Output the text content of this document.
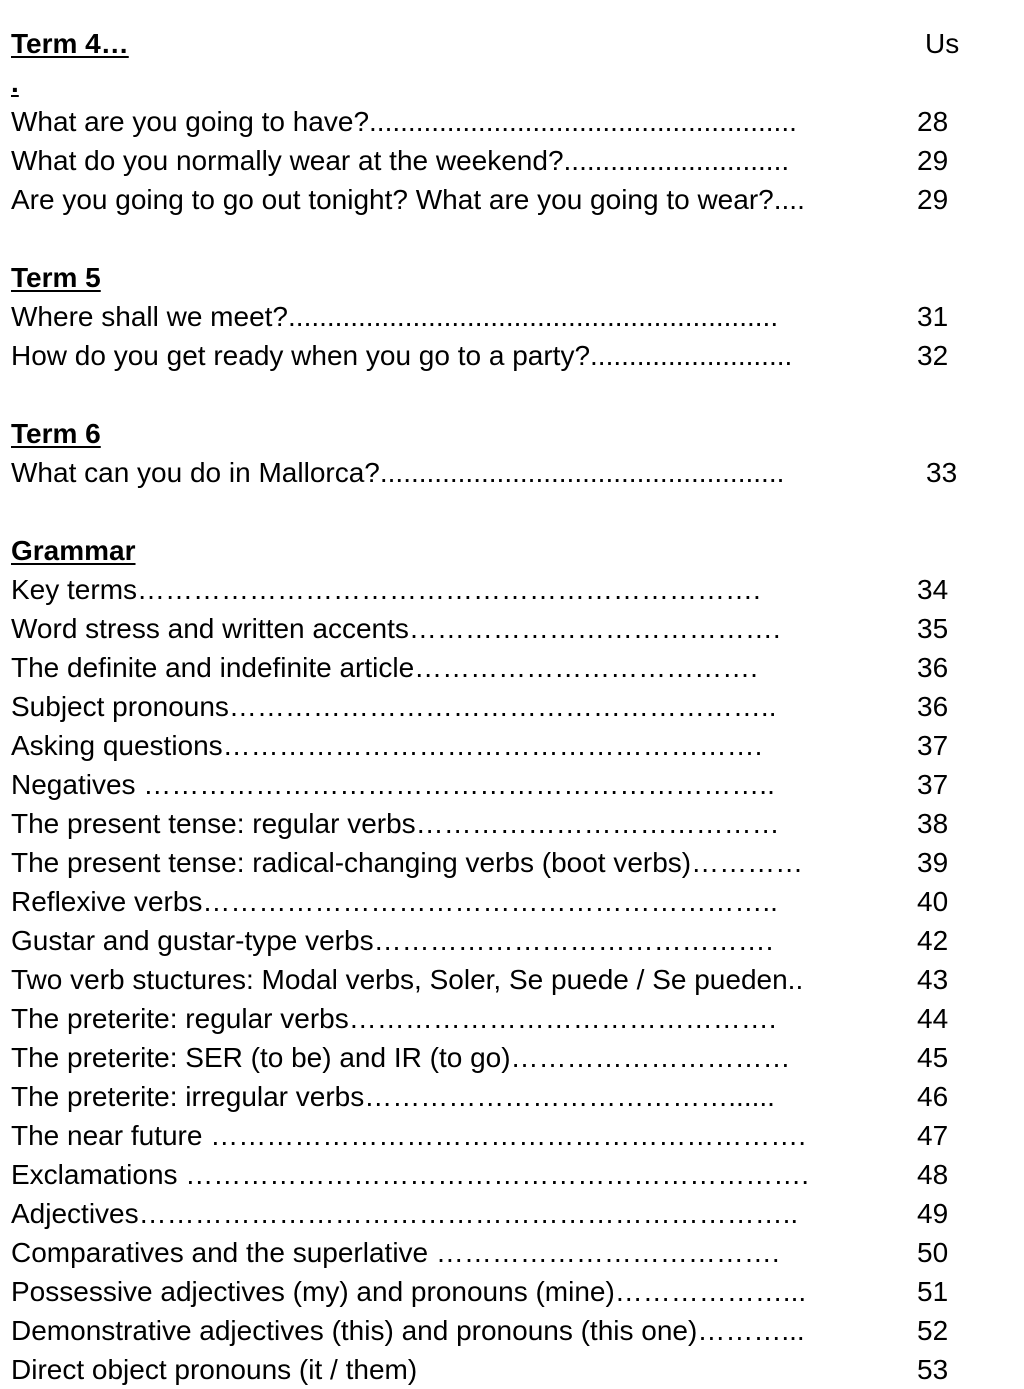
Term 4…	Us
.
What are you going to have?.......................................................	28
What do you normally wear at the weekend?.............................	29
Are you going to go out tonight? What are you going to wear?....	29
Term 5
Where shall we meet?...............................................................	31
How do you get ready when you go to a party?..........................	32
Term 6
What can you do in Mallorca?....................................................	33
Grammar
Key terms………………………………………………………….	34
Word stress and written accents………………………………….	35
The definite and indefinite article……………………………….	36
Subject pronouns…………………………………………………..	36
Asking questions………………………………………………….	37
Negatives …………………………………………………………..	37
The present tense: regular verbs…………………………………	38
The present tense: radical-changing verbs (boot verbs)…………	39
Reflexive verbs……………………………………………………..	40
Gustar and gustar-type verbs…………………………………….	42
Two verb stuctures: Modal verbs, Soler, Se puede / Se pueden..	43
The preterite: regular verbs……………………………………….	44
The preterite: SER (to be) and IR (to go)…………………………	45
The preterite: irregular verbs…………………………………......	46
The near future ……………………………………………………….	47
Exclamations ………………………………………………………….	48
Adjectives……………………………………………………………..	49
Comparatives and the superlative ……………………………….	50
Possessive adjectives (my) and pronouns (mine)………………...	51
Demonstrative adjectives (this) and pronouns (this one)………...	52
Direct object pronouns (it / them)	53
